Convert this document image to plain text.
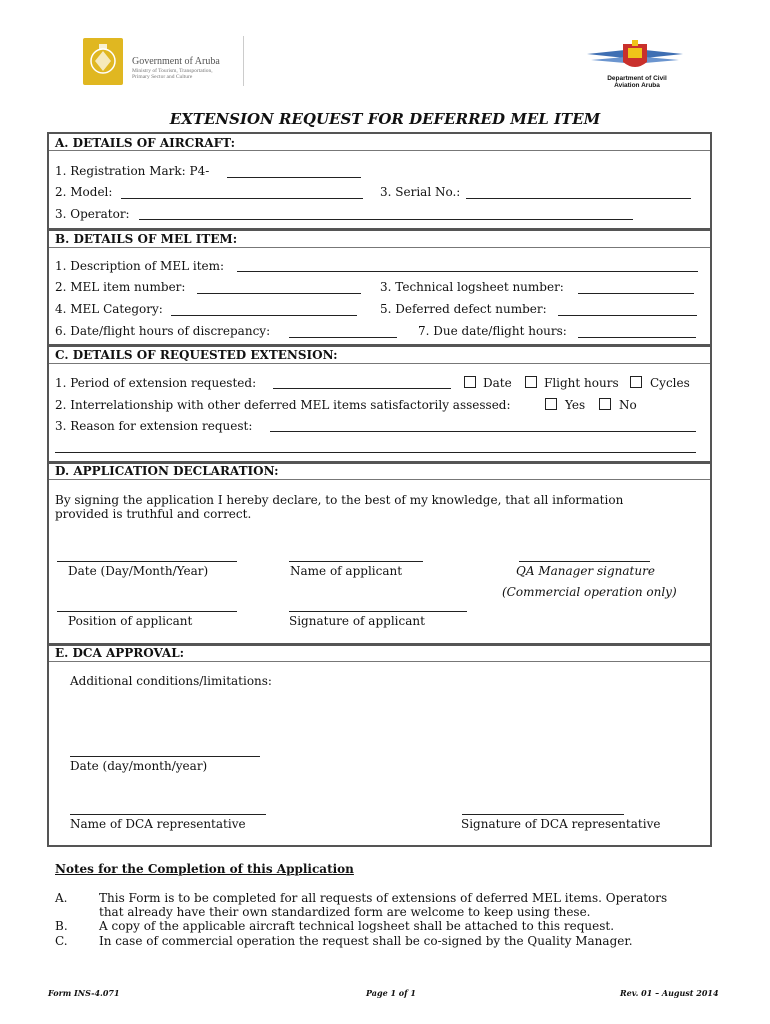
Government of Aruba
Ministry of Tourism, Transportation,
Primary Sector and Culture	Department of Civil
Aviation Aruba
EXTENSION REQUEST FOR DEFERRED MEL ITEM
A. DETAILS OF AIRCRAFT:
1. Registration Mark: P4-
2. Model:	3. Serial No.:
3. Operator:
B. DETAILS OF MEL ITEM:
1. Description of MEL item:
2. MEL item number:	3. Technical logsheet number:
4. MEL Category:	5. Deferred defect number:
6. Date/flight hours of discrepancy:	7. Due date/flight hours:
C. DETAILS OF REQUESTED EXTENSION:
1. Period of extension requested:	Date	Flight hours	Cycles
2. Interrelationship with other deferred MEL items satisfactorily assessed:	Yes	No
3. Reason for extension request:
D. APPLICATION DECLARATION:
By signing the application I hereby declare, to the best of my knowledge, that all information
provided is truthful and correct.
Date (Day/Month/Year)	Name of applicant	QA Manager signature
(Commercial operation only)
Position of applicant	Signature of applicant
E. DCA APPROVAL:
Additional conditions/limitations:
Date (day/month/year)
Name of DCA representative	Signature of DCA representative
Notes for the Completion of this Application
A.	This Form is to be completed for all requests of extensions of deferred MEL items. Operators
that already have their own standardized form are welcome to keep using these.
B.	A copy of the applicable aircraft technical logsheet shall be attached to this request.
C.	In case of commercial operation the request shall be co-signed by the Quality Manager.
Form INS-4.071	Page 1 of 1	Rev. 01 – August 2014
